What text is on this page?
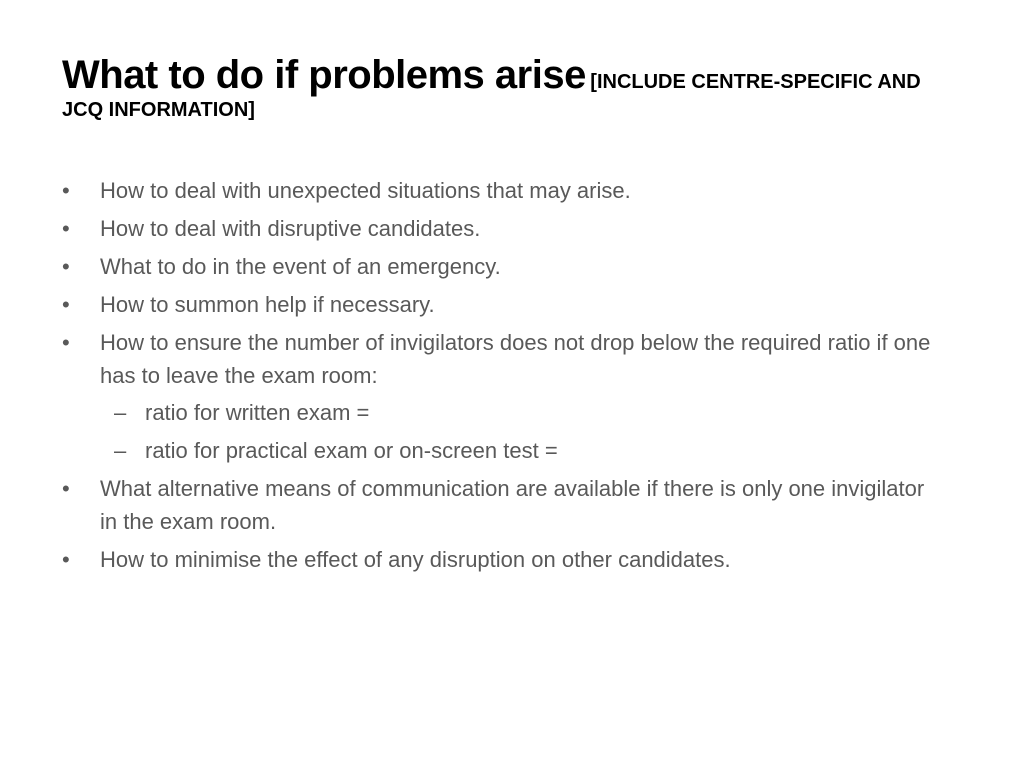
What to do if problems arise [INCLUDE CENTRE-SPECIFIC AND JCQ INFORMATION]
• How to deal with unexpected situations that may arise.
• How to deal with disruptive candidates.
• What to do in the event of an emergency.
• How to summon help if necessary.
• How to ensure the number of invigilators does not drop below the required ratio if one has to leave the exam room:
– ratio for written exam =
– ratio for practical exam or on-screen test =
• What alternative means of communication are available if there is only one invigilator in the exam room.
• How to minimise the effect of any disruption on other candidates.
